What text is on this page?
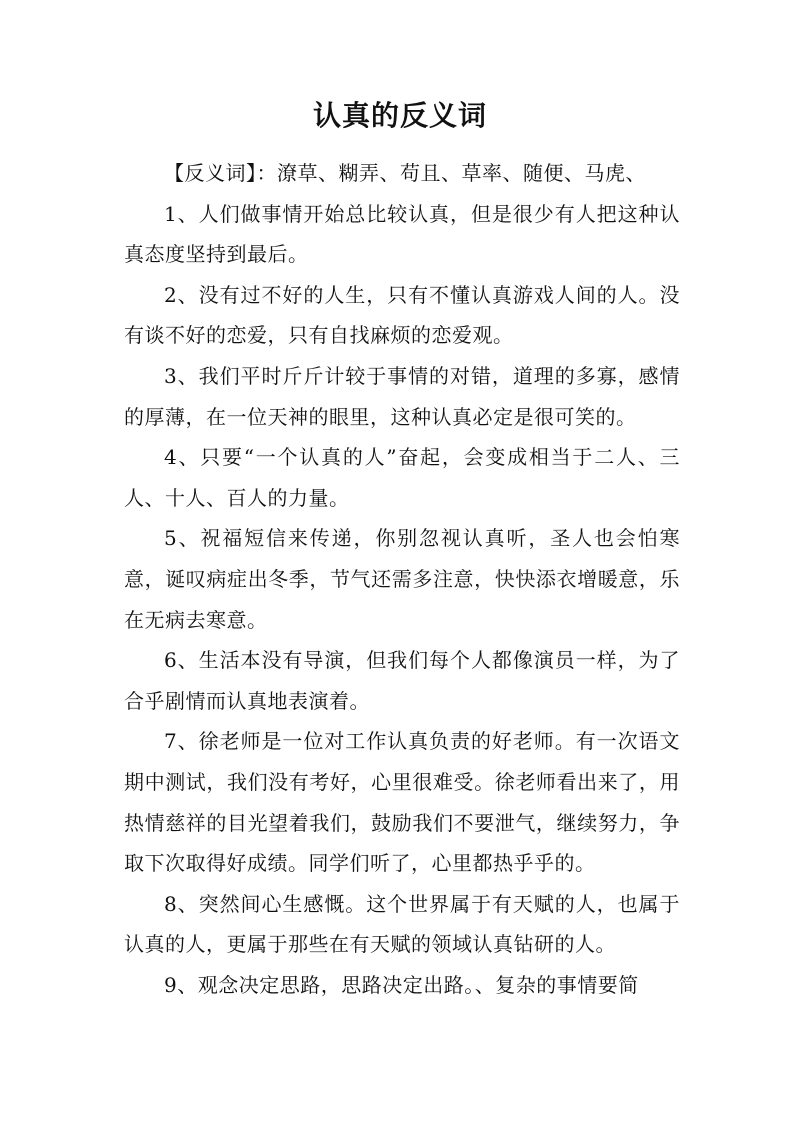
认真的反义词

【反义词】：潦草、糊弄、苟且、草率、随便、马虎、

1、人们做事情开始总比较认真，但是很少有人把这种认真态度坚持到最后。

2、没有过不好的人生，只有不懂认真游戏人间的人。没有谈不好的恋爱，只有自找麻烦的恋爱观。

3、我们平时斤斤计较于事情的对错，道理的多寡，感情的厚薄，在一位天神的眼里，这种认真必定是很可笑的。

4、只要“一个认真的人”奋起，会变成相当于二人、三人、十人、百人的力量。

5、祝福短信来传递，你别忽视认真听，圣人也会怕寒意，诞叹病症出冬季，节气还需多注意，快快添衣增暖意，乐在无病去寒意。

6、生活本没有导演，但我们每个人都像演员一样，为了合乎剧情而认真地表演着。

7、徐老师是一位对工作认真负责的好老师。有一次语文期中测试，我们没有考好，心里很难受。徐老师看出来了，用热情慈祥的目光望着我们，鼓励我们不要泄气，继续努力，争取下次取得好成绩。同学们听了，心里都热乎乎的。

8、突然间心生感慨。这个世界属于有天赋的人，也属于认真的人，更属于那些在有天赋的领域认真钻研的人。

9、观念决定思路，思路决定出路。、复杂的事情要简
